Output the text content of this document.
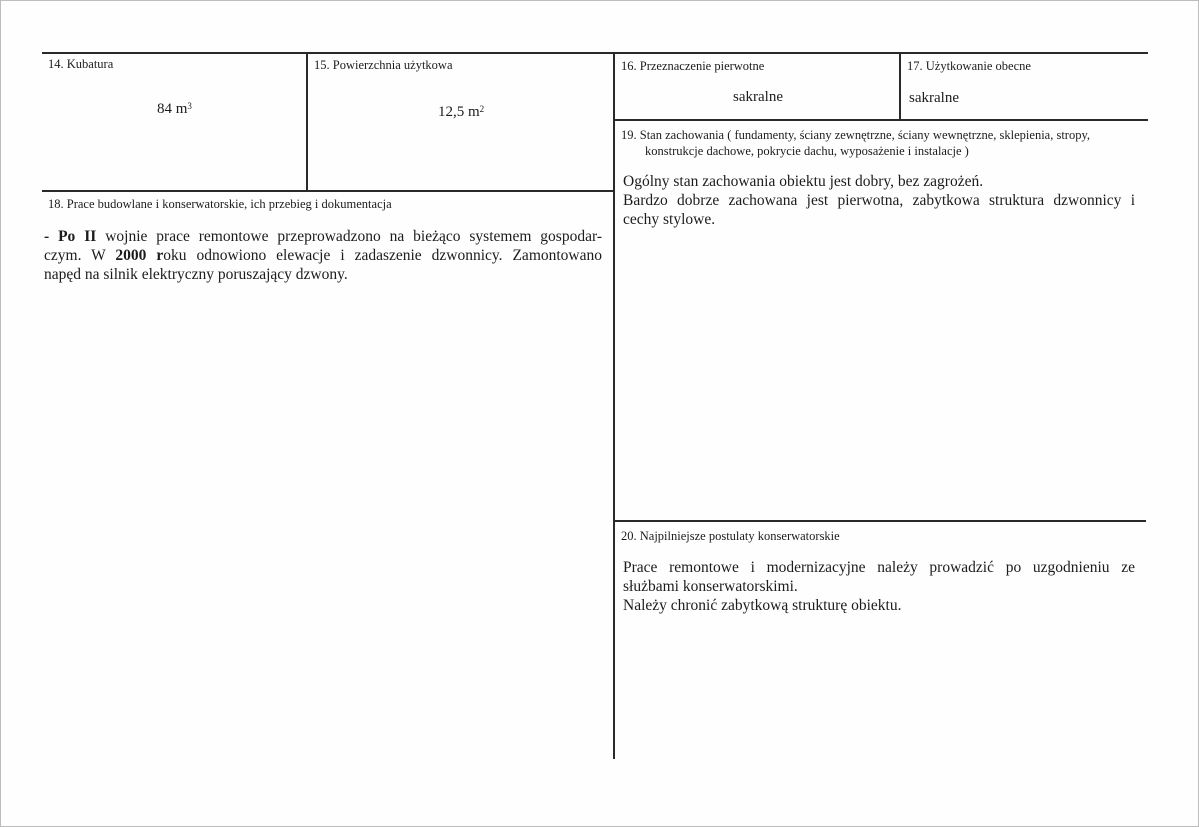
14. Kubatura
84 $m^3$
15. Powierzchnia użytkowa
12,5 $m^2$
16. Przeznaczenie pierwotne
sakralne
17. Użytkowanie obecne
sakralne
18. Prace budowlane i konserwatorskie, ich przebieg i dokumentacja
- Po II wojnie prace remontowe przeprowadzono na bieżąco systemem gospodar-
czym. W 2000 roku odnowiono elewacje i zadaszenie dzwonnicy. Zamontowano
napęd na silnik elektryczny poruszający dzwony.
19. Stan zachowania ( fundamenty, ściany zewnętrzne, ściany wewnętrzne, sklepienia, stropy,
konstrukcje dachowe, pokrycie dachu, wyposażenie i instalacje )
Ogólny stan zachowania obiektu jest dobry, bez zagrożeń.
Bardzo dobrze zachowana jest pierwotna, zabytkowa struktura dzwonnicy i
cechy stylowe.
20. Najpilniejsze postulaty konserwatorskie
Prace remontowe i modernizacyjne należy prowadzić po uzgodnieniu ze
służbami konserwatorskimi.
Należy chronić zabytkową strukturę obiektu.
